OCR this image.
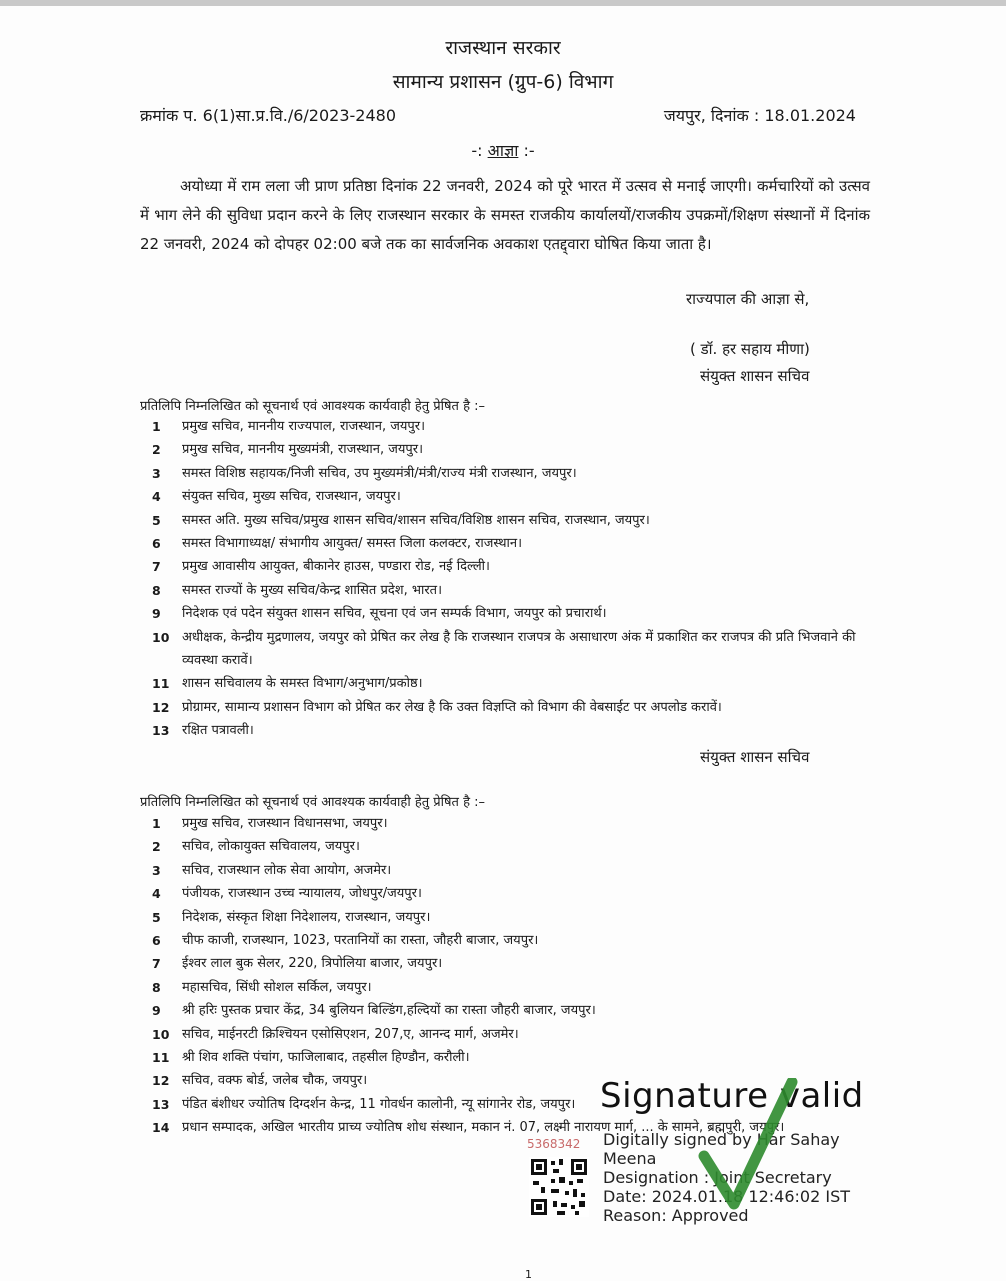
राजस्थान सरकार
सामान्य प्रशासन (ग्रुप-6) विभाग
क्रमांक प. 6(1)सा.प्र.वि./6/2023-2480	जयपुर, दिनांक : 18.01.2024
-: आज्ञा :-
अयोध्या में राम लला जी प्राण प्रतिष्ठा दिनांक 22 जनवरी, 2024 को पूरे भारत में उत्सव से मनाई जाएगी। कर्मचारियों को उत्सव में भाग लेने की सुविधा प्रदान करने के लिए राजस्थान सरकार के समस्त राजकीय कार्यालयों/राजकीय उपक्रमों/शिक्षण संस्थानों में दिनांक 22 जनवरी, 2024 को दोपहर 02:00 बजे तक का सार्वजनिक अवकाश एतद्द्वारा घोषित किया जाता है।
राज्यपाल की आज्ञा से,
( डॉ. हर सहाय मीणा)
संयुक्त शासन सचिव
प्रतिलिपि निम्नलिखित को सूचनार्थ एवं आवश्यक कार्यवाही हेतु प्रेषित है :–
1	प्रमुख सचिव, माननीय राज्यपाल, राजस्थान, जयपुर।
2	प्रमुख सचिव, माननीय मुख्यमंत्री, राजस्थान, जयपुर।
3	समस्त विशिष्ठ सहायक/निजी सचिव, उप मुख्यमंत्री/मंत्री/राज्य मंत्री राजस्थान, जयपुर।
4	संयुक्त सचिव, मुख्य सचिव, राजस्थान, जयपुर।
5	समस्त अति. मुख्य सचिव/प्रमुख शासन सचिव/शासन सचिव/विशिष्ठ शासन सचिव, राजस्थान, जयपुर।
6	समस्त विभागाध्यक्ष/ संभागीय आयुक्त/ समस्त जिला कलक्टर, राजस्थान।
7	प्रमुख आवासीय आयुक्त, बीकानेर हाउस, पण्डारा रोड, नई दिल्ली।
8	समस्त राज्यों के मुख्य सचिव/केन्द्र शासित प्रदेश, भारत।
9	निदेशक एवं पदेन संयुक्त शासन सचिव, सूचना एवं जन सम्पर्क विभाग, जयपुर को प्रचारार्थ।
10 अधीक्षक, केन्द्रीय मुद्रणालय, जयपुर को प्रेषित कर लेख है कि राजस्थान राजपत्र के असाधारण अंक में प्रकाशित कर राजपत्र की प्रति भिजवाने की व्यवस्था करावें।
11 शासन सचिवालय के समस्त विभाग/अनुभाग/प्रकोष्ठ।
12 प्रोग्रामर, सामान्य प्रशासन विभाग को प्रेषित कर लेख है कि उक्त विज्ञप्ति को विभाग की वेबसाईट पर अपलोड करावें।
13 रक्षित पत्रावली।
संयुक्त शासन सचिव
प्रतिलिपि निम्नलिखित को सूचनार्थ एवं आवश्यक कार्यवाही हेतु प्रेषित है :–
1	प्रमुख सचिव, राजस्थान विधानसभा, जयपुर।
2	सचिव, लोकायुक्त सचिवालय, जयपुर।
3	सचिव, राजस्थान लोक सेवा आयोग, अजमेर।
4	पंजीयक, राजस्थान उच्च न्यायालय, जोधपुर/जयपुर।
5	निदेशक, संस्कृत शिक्षा निदेशालय, राजस्थान, जयपुर।
6	चीफ काजी, राजस्थान, 1023, परतानियों का रास्ता, जौहरी बाजार, जयपुर।
7	ईश्वर लाल बुक सेलर, 220, त्रिपोलिया बाजार, जयपुर।
8	महासचिव, सिंधी सोशल सर्किल, जयपुर।
9	श्री हरिः पुस्तक प्रचार केंद्र, 34 बुलियन बिल्डिंग,हल्दियों का रास्ता जौहरी बाजार, जयपुर।
10 सचिव, माईनरटी क्रिश्चियन एसोसिएशन, 207,ए, आनन्द मार्ग, अजमेर।
11 श्री शिव शक्ति पंचांग, फाजिलाबाद, तहसील हिण्डौन, करौली।
12 सचिव, वक्फ बोर्ड, जलेब चौक, जयपुर।
13 पंडित बंशीधर ज्योतिष दिग्दर्शन केन्द्र, 11 गोवर्धन कालोनी, न्यू सांगानेर रोड, जयपुर।
14 प्रधान सम्पादक, अखिल भारतीय प्राच्य ज्योतिष शोध संस्थान, मकान नं. 07, लक्ष्मी नारायण मार्ग, ... के सामने, ब्रह्मपुरी, जयपुर।
5368342
Signature valid
Digitally signed by Har Sahay
Meena
Designation : Joint Secretary
Date: 2024.01.18 12:46:02 IST
Reason: Approved
1
